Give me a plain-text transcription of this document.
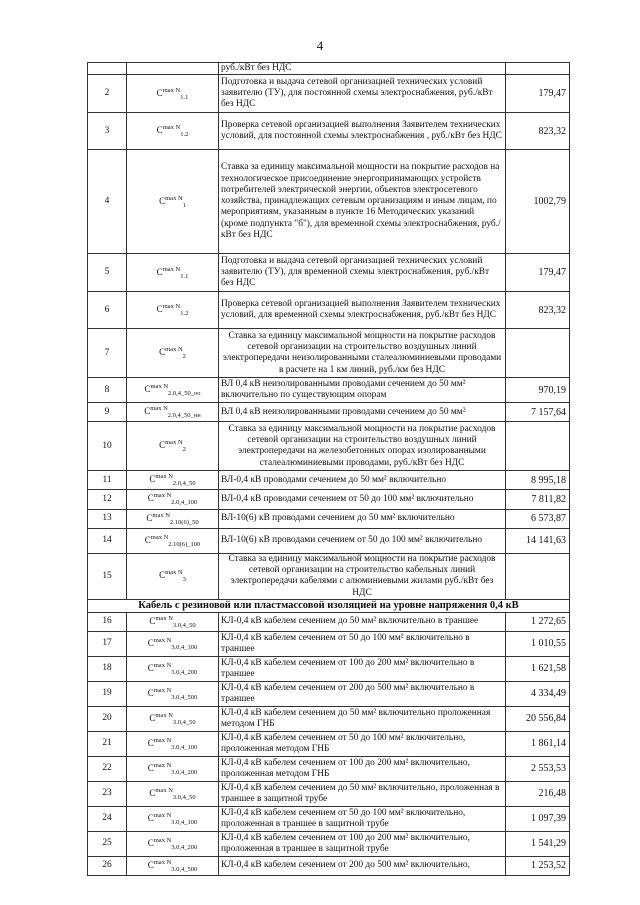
4
		руб./кВт без НДС	
2	$C^{max N}_{1.1}$	Подготовка и выдача сетевой организацией технических условий заявителю (ТУ), для постоянной схемы электроснабжения, руб./кВт без НДС	179,47
3	$C^{max N}_{1.2}$	Проверка сетевой организацией выполнения Заявителем технических условий, для постоянной схемы электроснабжения , руб./кВт без НДС	823,32
4	$C^{max N}_1$	Ставка за единицу максимальной мощности на покрытие расходов на технологическое присоединение энергопринимающих устройств потребителей электрической энергии, объектов электросетевого хозяйства, принадлежащих сетевым организациям и иным лицам, по мероприятиям, указанным в пункте 16 Методических указаний (кроме подпункта "б"), для временной схемы электроснабжения, руб./кВт без НДС	1002,79
5	$C^{max N}_{1.1}$	Подготовка и выдача сетевой организацией технических условий заявителю (ТУ), для временной схемы электроснабжения, руб./кВт без НДС	179,47
6	$C^{max N}_{1.2}$	Проверка сетевой организацией выполнения Заявителем технических условий, для временной схемы электроснабжения, руб./кВт без НДС	823,32
7	$C^{max N}_2$	Ставка за единицу максимальной мощности на покрытие расходов сетевой организации на строительство воздушных линий электропередачи неизолированными сталеалюминиевыми проводами в расчете на 1 км линий, руб./км без НДС	
8	$C^{max N}_{2.0,4\_50\_оо}$	ВЛ 0,4 кВ неизолированными проводами сечением до 50 мм² включительно по существующим опорам	970,19
9	$C^{max N}_{2.0,4\_50\_нн}$	ВЛ 0,4 кВ неизолированными проводами сечением до 50 мм²	7 157,64
10	$C^{max N}_2$	Ставка за единицу максимальной мощности на покрытие расходов сетевой организации на строительство воздушных линий электропередачи на железобетонных опорах изолированными сталеалюминиевыми проводами, руб./кВт без НДС	
11	$C^{max N}_{2.0,4\_50}$	ВЛ-0,4 кВ проводами сечением до 50 мм² включительно	8 995,18
12	$C^{max N}_{2.0,4\_100}$	ВЛ-0,4 кВ проводами сечением от 50 до 100 мм² включительно	7 811,82
13	$C^{max N}_{2.10(6)\_50}$	ВЛ-10(6) кВ проводами сечением до 50 мм² включительно	6 573,87
14	$C^{max N}_{2.10(6)\_100}$	ВЛ-10(6) кВ проводами сечением от 50 до 100 мм² включительно	14 141,63
15	$C^{max N}_3$	Ставка за единицу максимальной мощности на покрытие расходов сетевой организации на строительство кабельных линий электропередачи кабелями с алюминиевыми жилами руб./кВт без НДС	
Кабель с резиновой или пластмассовой изоляцией на уровне напряжения 0,4 кВ			
16	$C^{max N}_{3.0,4\_50}$	КЛ-0,4 кВ кабелем сечением до 50 мм² включительно в траншее	1 272,65
17	$C^{max N}_{3.0,4\_100}$	КЛ-0,4 кВ кабелем сечением от 50 до 100 мм² включительно в траншее	1 010,55
18	$C^{max N}_{3.0,4\_200}$	КЛ-0,4 кВ кабелем сечением от 100 до 200 мм² включительно в траншее	1 621,58
19	$C^{max N}_{3.0,4\_500}$	КЛ-0,4 кВ кабелем сечением от 200 до 500 мм² включительно в траншее	4 334,49
20	$C^{max N}_{3.0,4\_50}$	КЛ-0,4 кВ кабелем сечением до 50 мм² включительно проложенная методом ГНБ	20 556,84
21	$C^{max N}_{3.0,4\_100}$	КЛ-0,4 кВ кабелем сечением от 50 до 100 мм² включительно, проложенная методом ГНБ	1 861,14
22	$C^{max N}_{3.0,4\_200}$	КЛ-0,4 кВ кабелем сечением от 100 до 200 мм² включительно, проложенная методом ГНБ	2 553,53
23	$C^{max N}_{3.0,4\_50}$	КЛ-0,4 кВ кабелем сечением до 50 мм² включительно, проложенная в траншее в защитной трубе	216,48
24	$C^{max N}_{3.0,4\_100}$	КЛ-0,4 кВ кабелем сечением от 50 до 100 мм² включительно, проложенная в траншее в защитной трубе	1 097,39
25	$C^{max N}_{3.0,4\_200}$	КЛ-0,4 кВ кабелем сечением от 100 до 200 мм² включительно, проложенная в траншее в защитной трубе	1 541,29
26	$C^{max N}_{3.0,4\_500}$	КЛ-0,4 кВ кабелем сечением от 200 до 500 мм² включительно,	1 253,52
